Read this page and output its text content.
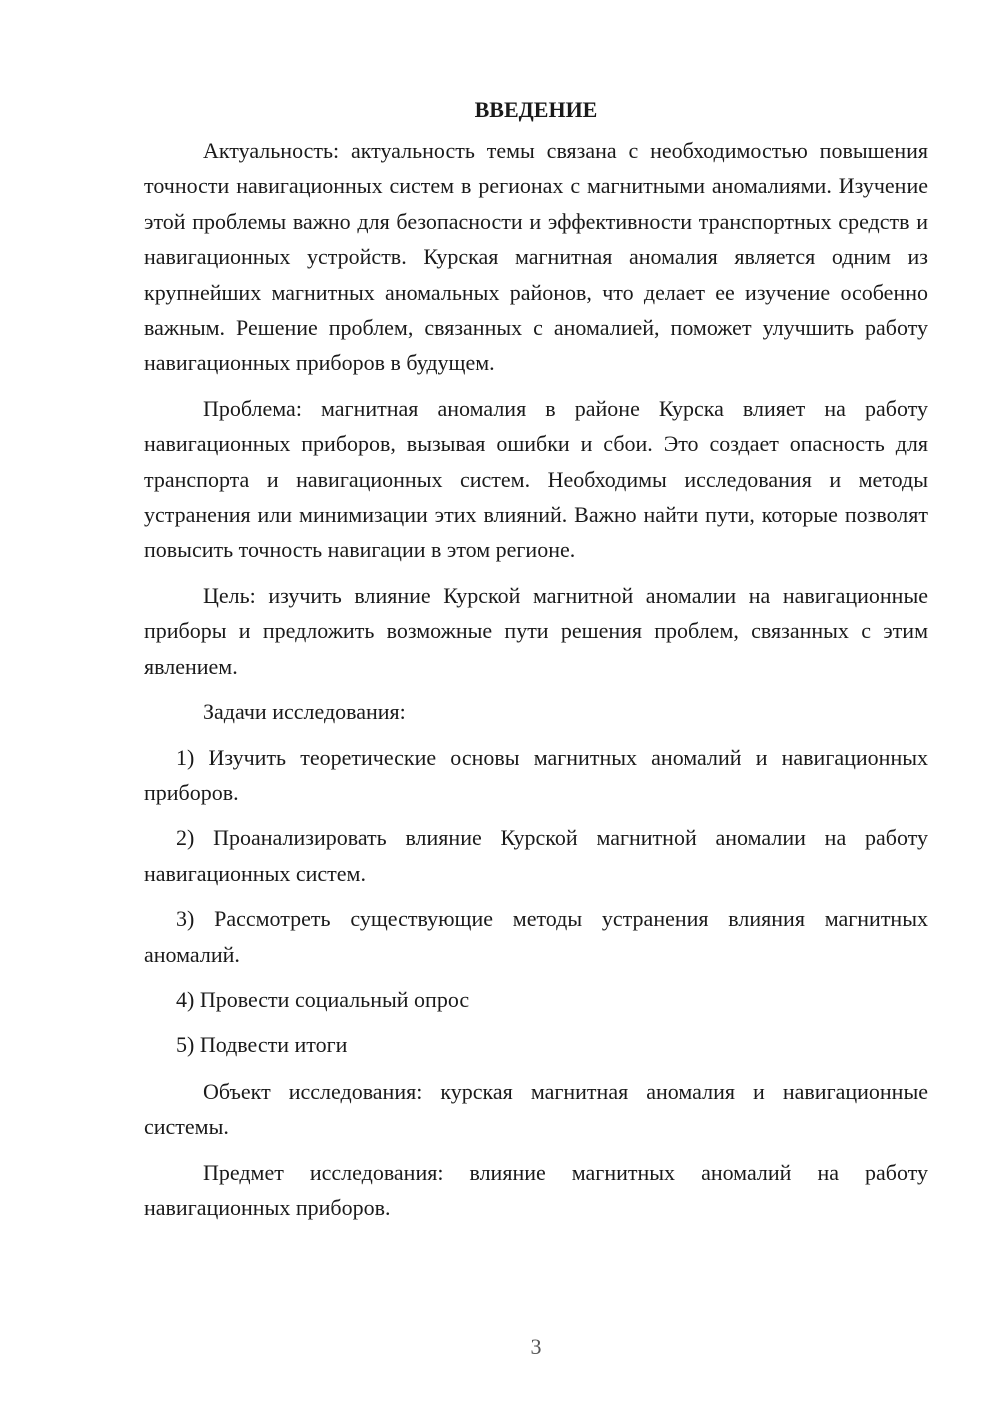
ВВЕДЕНИЕ

Актуальность: актуальность темы связана с необходимостью повышения точности навигационных систем в регионах с магнитными аномалиями. Изучение этой проблемы важно для безопасности и эффективности транспортных средств и навигационных устройств. Курская магнитная аномалия является одним из крупнейших магнитных аномальных районов, что делает ее изучение особенно важным. Решение проблем, связанных с аномалией, поможет улучшить работу навигационных приборов в будущем.

Проблема: магнитная аномалия в районе Курска влияет на работу навигационных приборов, вызывая ошибки и сбои. Это создает опасность для транспорта и навигационных систем. Необходимы исследования и методы устранения или минимизации этих влияний. Важно найти пути, которые позволят повысить точность навигации в этом регионе.

Цель: изучить влияние Курской магнитной аномалии на навигационные приборы и предложить возможные пути решения проблем, связанных с этим явлением.

Задачи исследования:

1) Изучить теоретические основы магнитных аномалий и навигационных приборов.

2) Проанализировать влияние Курской магнитной аномалии на работу навигационных систем.

3) Рассмотреть существующие методы устранения влияния магнитных аномалий.

4) Провести социальный опрос

5) Подвести итоги

Объект исследования: курская магнитная аномалия и навигационные системы.

Предмет исследования: влияние магнитных аномалий на работу навигационных приборов.

3
